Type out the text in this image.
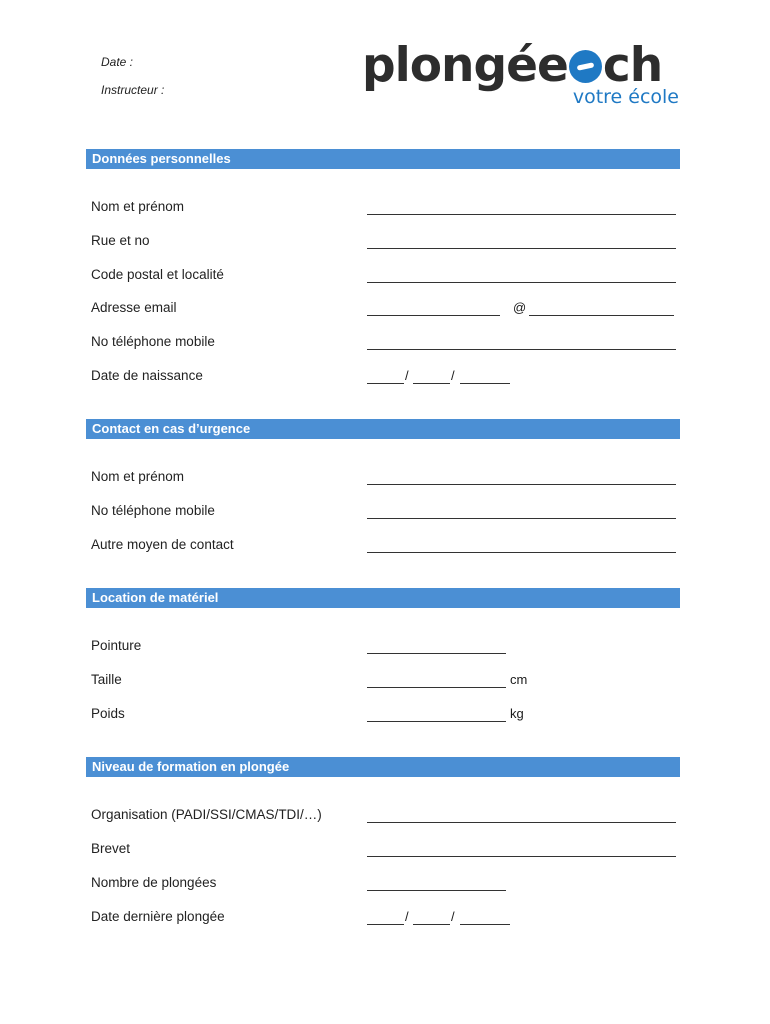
Date :
Instructeur :	plongée ch
votre école
Données personnelles
Nom et prénom
Rue et no
Code postal et localité
Adresse email	@
No téléphone mobile
Date de naissance	/	/
Contact en cas d’urgence
Nom et prénom
No téléphone mobile
Autre moyen de contact
Location de matériel
Pointure
Taille	cm
Poids	kg
Niveau de formation en plongée
Organisation (PADI/SSI/CMAS/TDI/…)
Brevet
Nombre de plongées
Date dernière plongée	/	/
